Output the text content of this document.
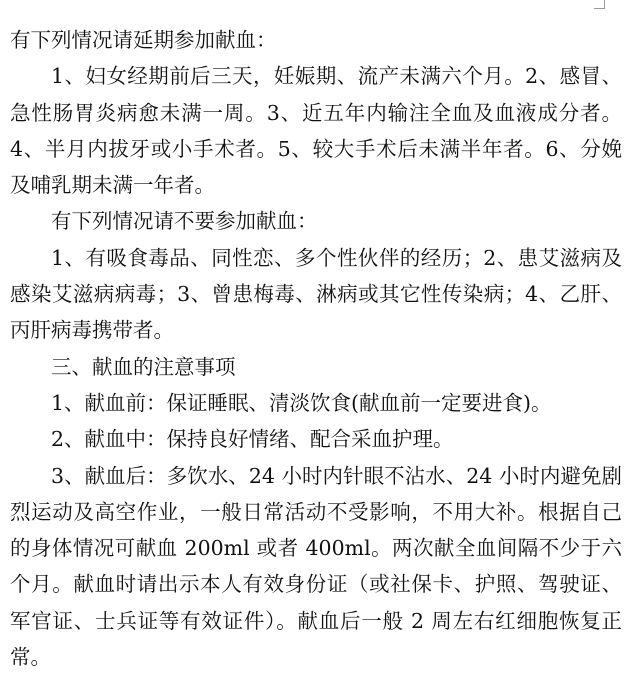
有下列情况请延期参加献血：

1、妇女经期前后三天，妊娠期、流产未满六个月。2、感冒、急性肠胃炎病愈未满一周。3、近五年内输注全血及血液成分者。4、半月内拔牙或小手术者。5、较大手术后未满半年者。6、分娩及哺乳期未满一年者。

有下列情况请不要参加献血：

1、有吸食毒品、同性恋、多个性伙伴的经历；2、患艾滋病及感染艾滋病病毒；3、曾患梅毒、淋病或其它性传染病；4、乙肝、丙肝病毒携带者。

三、献血的注意事项

1、献血前：保证睡眠、清淡饮食(献血前一定要进食)。

2、献血中：保持良好情绪、配合采血护理。

3、献血后：多饮水、24 小时内针眼不沾水、24 小时内避免剧烈运动及高空作业，一般日常活动不受影响，不用大补。根据自己的身体情况可献血 200ml 或者 400ml。两次献全血间隔不少于六个月。献血时请出示本人有效身份证（或社保卡、护照、驾驶证、军官证、士兵证等有效证件）。献血后一般 2 周左右红细胞恢复正常。
